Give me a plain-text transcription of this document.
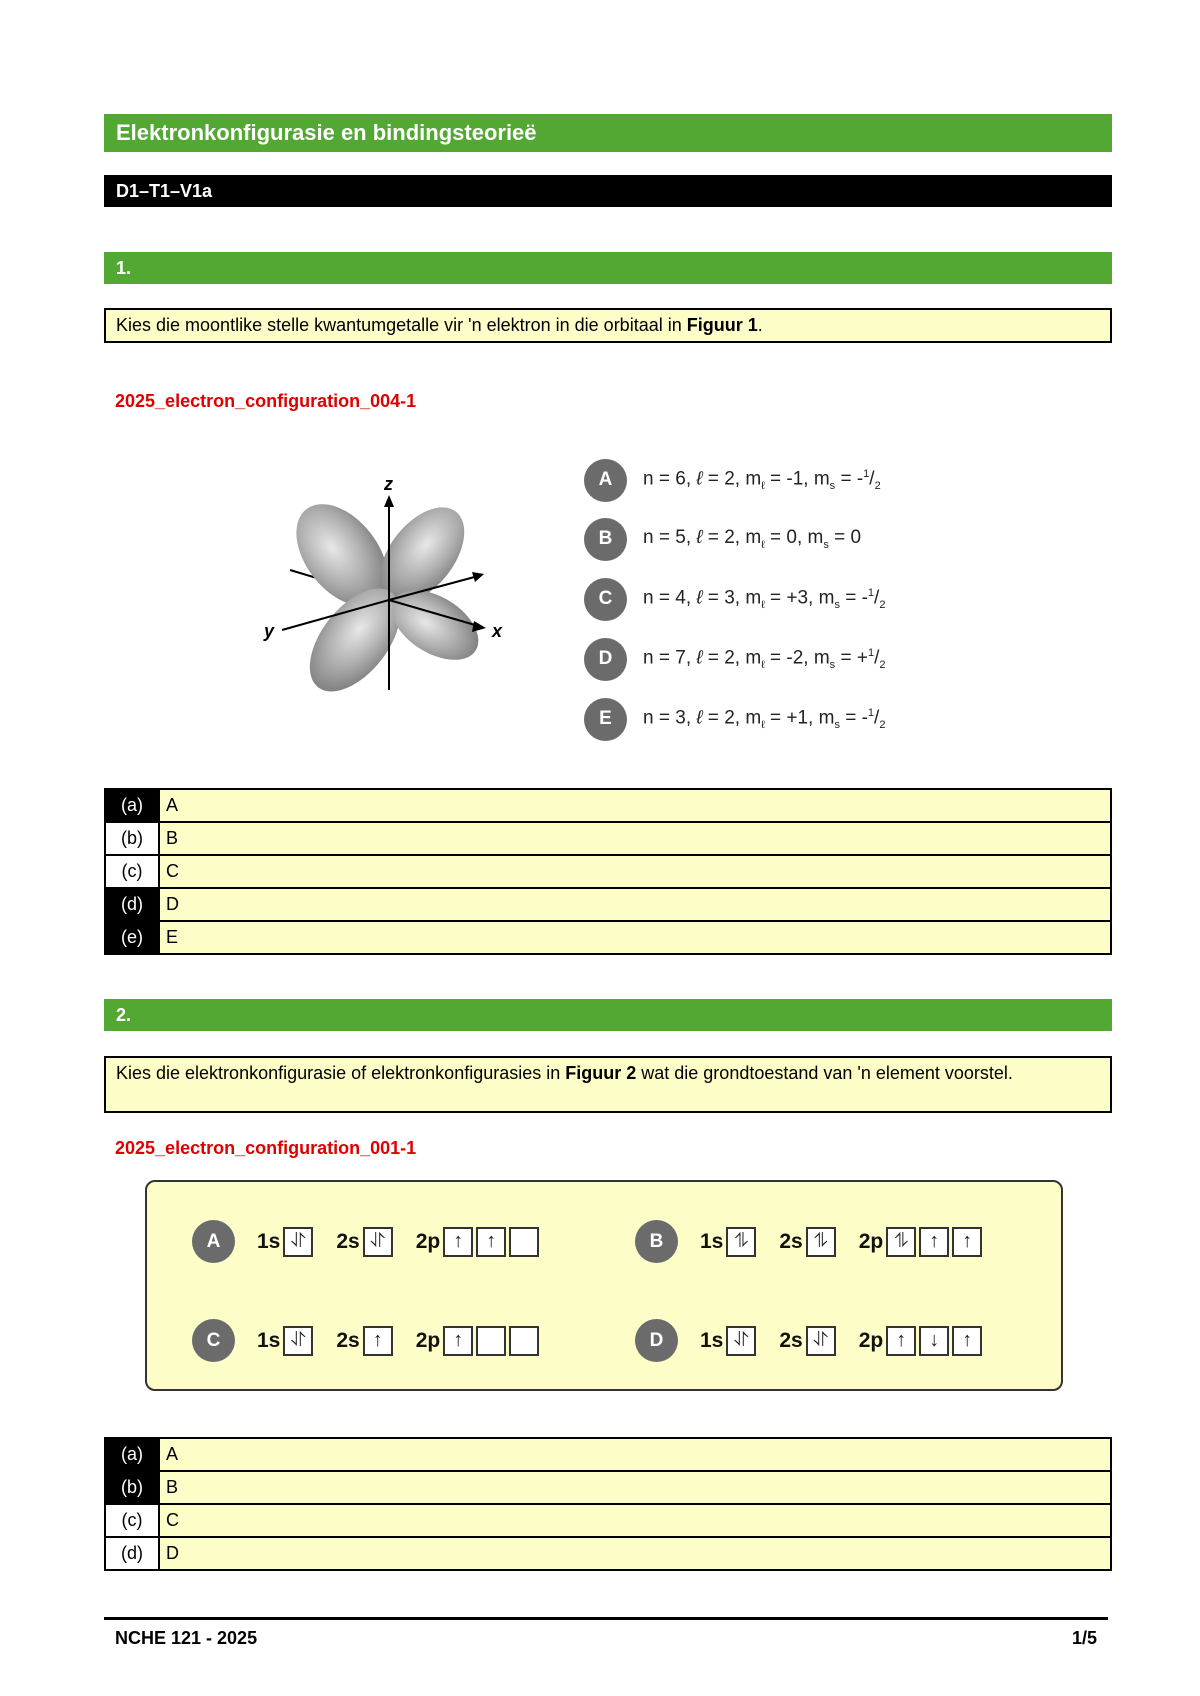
Elektronkonfigurasie en bindingsteorieë
D1–T1–V1a
1.
Kies die moontlike stelle kwantumgetalle vir 'n elektron in die orbitaal in Figuur 1.
2025_electron_configuration_004-1
z
x
y
A	n = 6, ℓ = 2, $m_\ell = -1$, $m_s = -^1/_2$
B	n = 5, ℓ = 2, $m_\ell = 0$, $m_s = 0$
C	n = 4, ℓ = 3, $m_\ell = +3$, $m_s = -^1/_2$
D	n = 7, ℓ = 2, $m_\ell = -2$, $m_s = +^1/_2$
E	n = 3, ℓ = 2, $m_\ell = +1$, $m_s = -^1/_2$
(a)	A
(b)	B
(c)	C
(d)	D
(e)	E
2.
Kies die elektronkonfigurasie of elektronkonfigurasies in Figuur 2 wat die grondtoestand van 'n element voorstel.
2025_electron_configuration_001-1
A	1s ⥯	2s ⥯	2p ↑	↑	B	1s ⥮	2s ⥮	2p ⥮	↑	↑
C	1s ⥯	2s ↑	2p ↑	D	1s ⥯	2s ⥯	2p ↑	↓	↑
(a)	A
(b)	B
(c)	C
(d)	D
NCHE 121 - 2025	1/5
